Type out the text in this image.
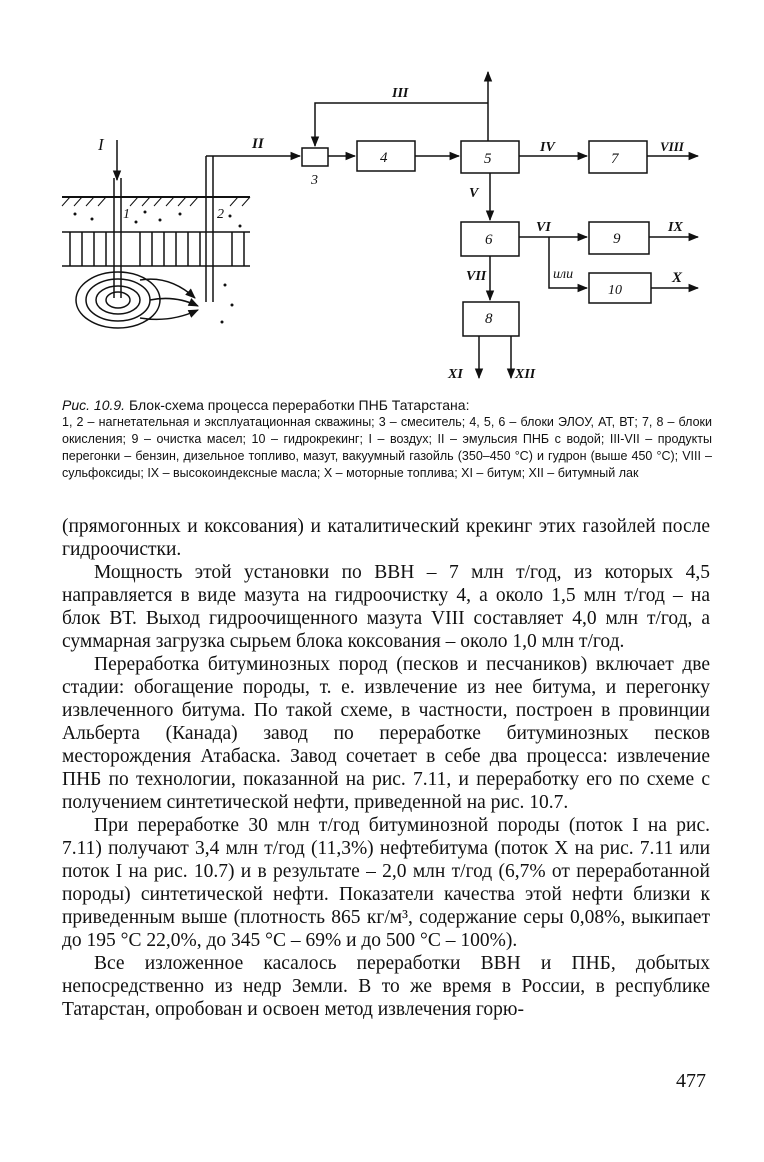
I
1	2
II
III
3
4	5
IV
7
VIII
V
6
VI
9
IX
или
10
X
VII
8
XI	XII
Рис. 10.9. Блок-схема процесса переработки ПНБ Татарстана:
1, 2 – нагнетательная и эксплуатационная скважины; 3 – смеситель; 4, 5, 6 – блоки ЭЛОУ, АТ, ВТ; 7, 8 – блоки окисления; 9 – очистка масел; 10 – гидрокрекинг; I – воздух; II – эмульсия ПНБ с водой; III-VII – продукты перегонки – бензин, дизельное топливо, мазут, вакуумный газойль (350–450 °С) и гудрон (выше 450 °С); VIII – сульфоксиды; IX – высокоиндексные масла; X – моторные топлива; XI – битум; XII – битумный лак

(прямогонных и коксования) и каталитический крекинг этих газойлей после гидроочистки.

Мощность этой установки по ВВН – 7 млн т/год, из которых 4,5 направляется в виде мазута на гидроочистку 4, а около 1,5 млн т/год – на блок ВТ. Выход гидроочищенного мазута VIII составляет 4,0 млн т/год, а суммарная загрузка сырьем блока коксования – около 1,0 млн т/год.

Переработка битуминозных пород (песков и песчаников) включает две стадии: обогащение породы, т. е. извлечение из нее битума, и перегонку извлеченного битума. По такой схеме, в частности, построен в провинции Альберта (Канада) завод по переработке битуминозных песков месторождения Атабаска. Завод сочетает в себе два процесса: извлечение ПНБ по технологии, показанной на рис. 7.11, и переработку его по схеме с получением синтетической нефти, приведенной на рис. 10.7.

При переработке 30 млн т/год битуминозной породы (поток I на рис. 7.11) получают 3,4 млн т/год (11,3%) нефтебитума (поток X на рис. 7.11 или поток I на рис. 10.7) и в результате – 2,0 млн т/год (6,7% от переработанной породы) синтетической нефти. Показатели качества этой нефти близки к приведенным выше (плотность 865 кг/м³, содержание серы 0,08%, выкипает до 195 °С 22,0%, до 345 °С – 69% и до 500 °С – 100%).

Все изложенное касалось переработки ВВН и ПНБ, добытых непосредственно из недр Земли. В то же время в России, в республике Татарстан, опробован и освоен метод извлечения горю-

477
